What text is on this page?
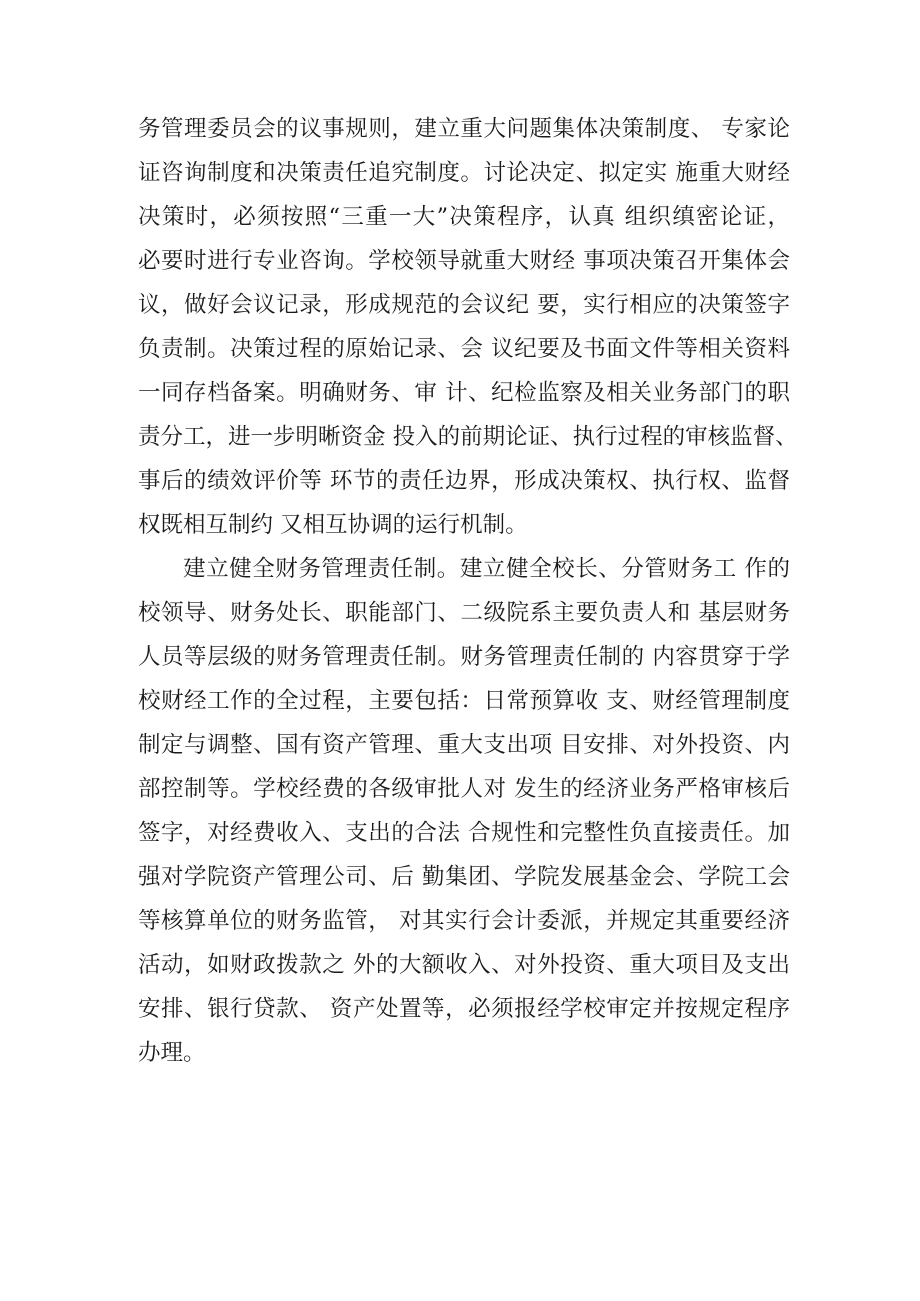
务管理委员会的议事规则，建立重大问题集体决策制度、 专家论
证咨询制度和决策责任追究制度。讨论决定、拟定实 施重大财经
决策时，必须按照“三重一大”决策程序，认真 组织缜密论证，
必要时进行专业咨询。学校领导就重大财经 事项决策召开集体会
议，做好会议记录，形成规范的会议纪 要，实行相应的决策签字
负责制。决策过程的原始记录、会 议纪要及书面文件等相关资料
一同存档备案。明确财务、审 计、纪检监察及相关业务部门的职
责分工，进一步明晰资金 投入的前期论证、执行过程的审核监督、
事后的绩效评价等 环节的责任边界，形成决策权、执行权、监督
权既相互制约 又相互协调的运行机制。
建立健全财务管理责任制。建立健全校长、分管财务工 作的
校领导、财务处长、职能部门、二级院系主要负责人和 基层财务
人员等层级的财务管理责任制。财务管理责任制的 内容贯穿于学
校财经工作的全过程，主要包括：日常预算收 支、财经管理制度
制定与调整、国有资产管理、重大支出项 目安排、对外投资、内
部控制等。学校经费的各级审批人对 发生的经济业务严格审核后
签字，对经费收入、支出的合法 合规性和完整性负直接责任。加
强对学院资产管理公司、后 勤集团、学院发展基金会、学院工会
等核算单位的财务监管， 对其实行会计委派，并规定其重要经济
活动，如财政拨款之 外的大额收入、对外投资、重大项目及支出
安排、银行贷款、 资产处置等，必须报经学校审定并按规定程序
办理。
